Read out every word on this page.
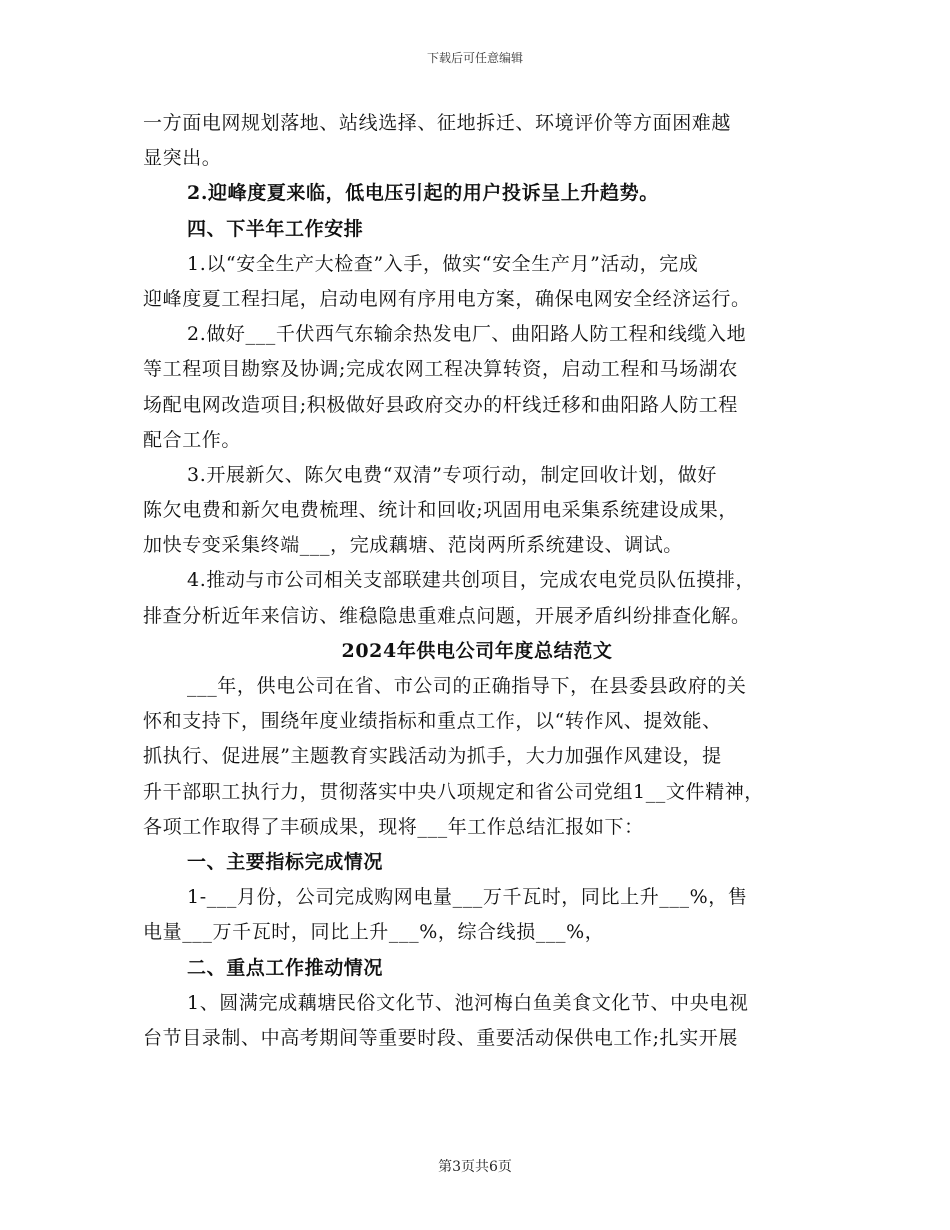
下载后可任意编辑
一方面电网规划落地、站线选择、征地拆迁、环境评价等方面困难越
显突出。
2.迎峰度夏来临，低电压引起的用户投诉呈上升趋势。
四、下半年工作安排
1.以“安全生产大检查”入手，做实“安全生产月”活动，完成
迎峰度夏工程扫尾，启动电网有序用电方案，确保电网安全经济运行。
2.做好___千伏西气东输余热发电厂、曲阳路人防工程和线缆入地
等工程项目勘察及协调;完成农网工程决算转资，启动工程和马场湖农
场配电网改造项目;积极做好县政府交办的杆线迁移和曲阳路人防工程
配合工作。
3.开展新欠、陈欠电费“双清”专项行动，制定回收计划，做好
陈欠电费和新欠电费梳理、统计和回收;巩固用电采集系统建设成果，
加快专变采集终端___，完成藕塘、范岗两所系统建设、调试。
4.推动与市公司相关支部联建共创项目，完成农电党员队伍摸排，
排查分析近年来信访、维稳隐患重难点问题，开展矛盾纠纷排查化解。
2024年供电公司年度总结范文
___年，供电公司在省、市公司的正确指导下，在县委县政府的关
怀和支持下，围绕年度业绩指标和重点工作，以“转作风、提效能、
抓执行、促进展”主题教育实践活动为抓手，大力加强作风建设，提
升干部职工执行力，贯彻落实中央八项规定和省公司党组1__文件精神，
各项工作取得了丰硕成果，现将___年工作总结汇报如下：
一、主要指标完成情况
1-___月份，公司完成购网电量___万千瓦时，同比上升___%，售
电量___万千瓦时，同比上升___%，综合线损___%，
二、重点工作推动情况
1、圆满完成藕塘民俗文化节、池河梅白鱼美食文化节、中央电视
台节目录制、中高考期间等重要时段、重要活动保供电工作;扎实开展
第3页共6页
